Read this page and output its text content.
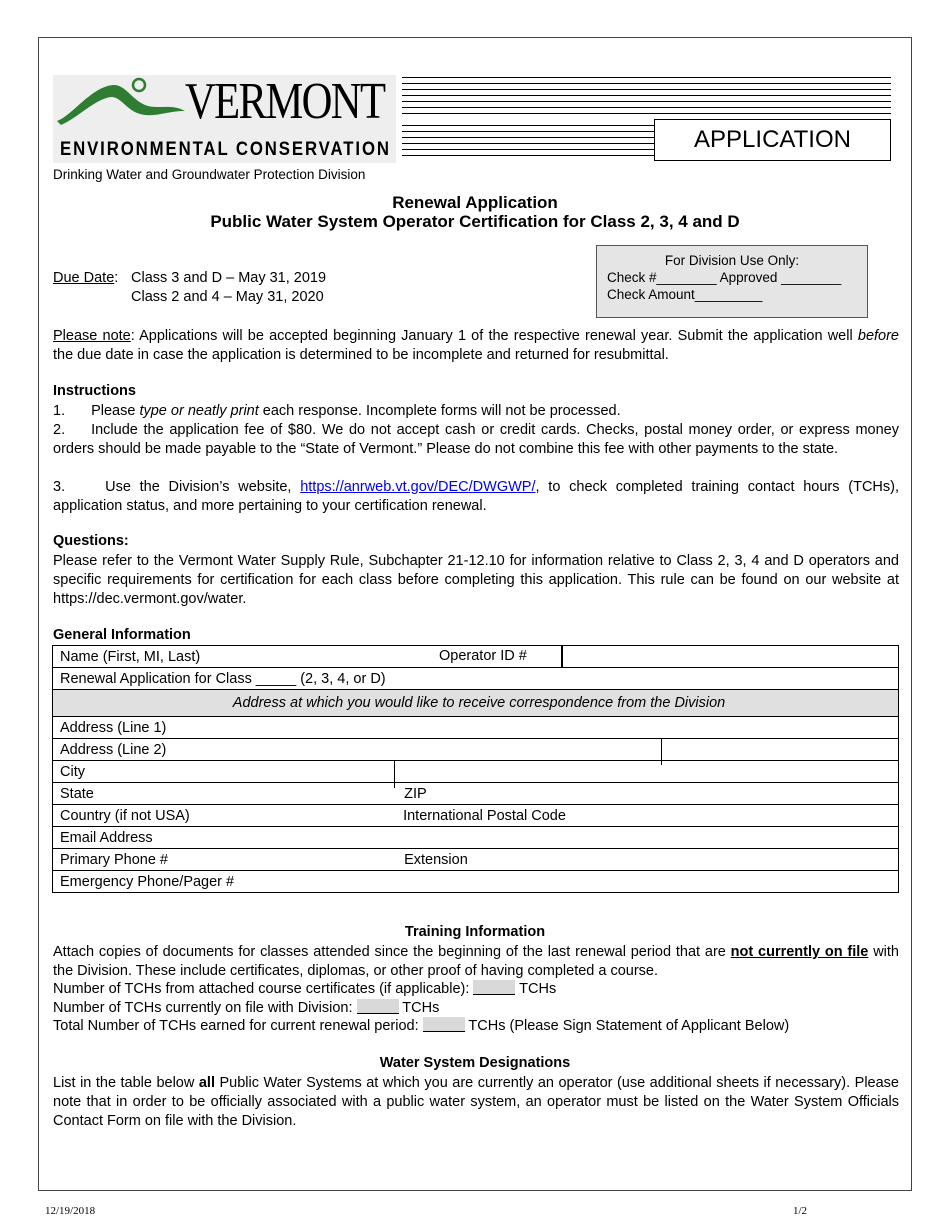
VERMONT
ENVIRONMENTAL CONSERVATION	APPLICATION
Drinking Water and Groundwater Protection Division
Renewal Application
Public Water System Operator Certification for Class 2, 3, 4 and D
Due Date: Class 3 and D – May 31, 2019
Class 2 and 4 – May 31, 2020
For Division Use Only:
Check #________ Approved ________
Check Amount_________
Please note: Applications will be accepted beginning January 1 of the respective renewal year. Submit the application well before the due date in case the application is determined to be incomplete and returned for resubmittal.
Instructions
1. Please type or neatly print each response. Incomplete forms will not be processed.
2. Include the application fee of $80. We do not accept cash or credit cards. Checks, postal money order, or express money orders should be made payable to the “State of Vermont.” Please do not combine this fee with other payments to the state.
3.	Use the Division’s website, https://anrweb.vt.gov/DEC/DWGWP/, to check completed training contact hours (TCHs), application status, and more pertaining to your certification renewal.
Questions:
Please refer to the Vermont Water Supply Rule, Subchapter 21-12.10 for information relative to Class 2, 3, 4 and D operators and specific requirements for certification for each class before completing this application. This rule can be found on our website at https://dec.vermont.gov/water.
General Information
Name (First, MI, Last) Operator ID #			

Renewal Application for Class _____ (2, 3, 4, or D)			
Address at which you would like to receive correspondence from the Division			
Address (Line 1)			
Address (Line 2)			
City			
State	ZIP		
Country (if not USA)	International Postal Code		
Email Address			
Primary Phone #	Extension		
Emergency Phone/Pager #			
Training Information
Attach copies of documents for classes attended since the beginning of the last renewal period that are not currently on file with the Division. These include certificates, diplomas, or other proof of having completed a course.
Number of TCHs from attached course certificates (if applicable):	TCHs
Number of TCHs currently on file with Division:	TCHs
Total Number of TCHs earned for current renewal period:	TCHs (Please Sign Statement of Applicant Below)
Water System Designations
List in the table below all Public Water Systems at which you are currently an operator (use additional sheets if necessary). Please note that in order to be officially associated with a public water system, an operator must be listed on the Water System Officials Contact Form on file with the Division.
12/19/2018	1/2
